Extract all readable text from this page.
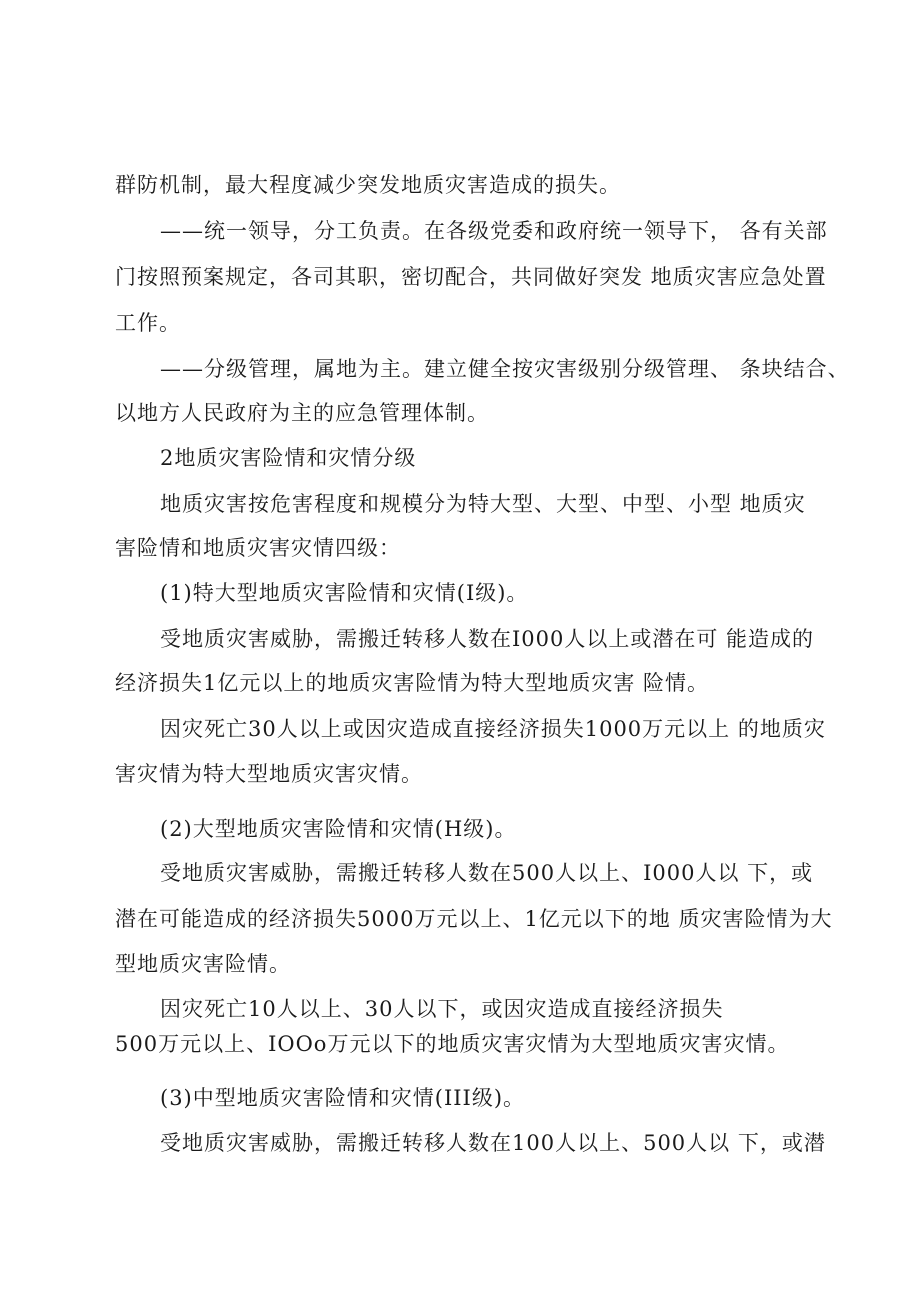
群防机制，最大程度减少突发地质灾害造成的损失。
——统一领导，分工负责。在各级党委和政府统一领导下， 各有关部
门按照预案规定，各司其职，密切配合，共同做好突发 地质灾害应急处置
工作。
——分级管理，属地为主。建立健全按灾害级别分级管理、 条块结合、
以地方人民政府为主的应急管理体制。
2地质灾害险情和灾情分级
地质灾害按危害程度和规模分为特大型、大型、中型、小型 地质灾
害险情和地质灾害灾情四级：
(1)特大型地质灾害险情和灾情(I级)。
受地质灾害威胁，需搬迁转移人数在I000人以上或潜在可 能造成的
经济损失1亿元以上的地质灾害险情为特大型地质灾害 险情。
因灾死亡30人以上或因灾造成直接经济损失1000万元以上 的地质灾
害灾情为特大型地质灾害灾情。
(2)大型地质灾害险情和灾情(H级)。
受地质灾害威胁，需搬迁转移人数在500人以上、I000人以 下，或
潜在可能造成的经济损失5000万元以上、1亿元以下的地 质灾害险情为大
型地质灾害险情。
因灾死亡10人以上、30人以下，或因灾造成直接经济损失
500万元以上、IOOo万元以下的地质灾害灾情为大型地质灾害灾情。
(3)中型地质灾害险情和灾情(III级)。
受地质灾害威胁，需搬迁转移人数在100人以上、500人以 下，或潜
